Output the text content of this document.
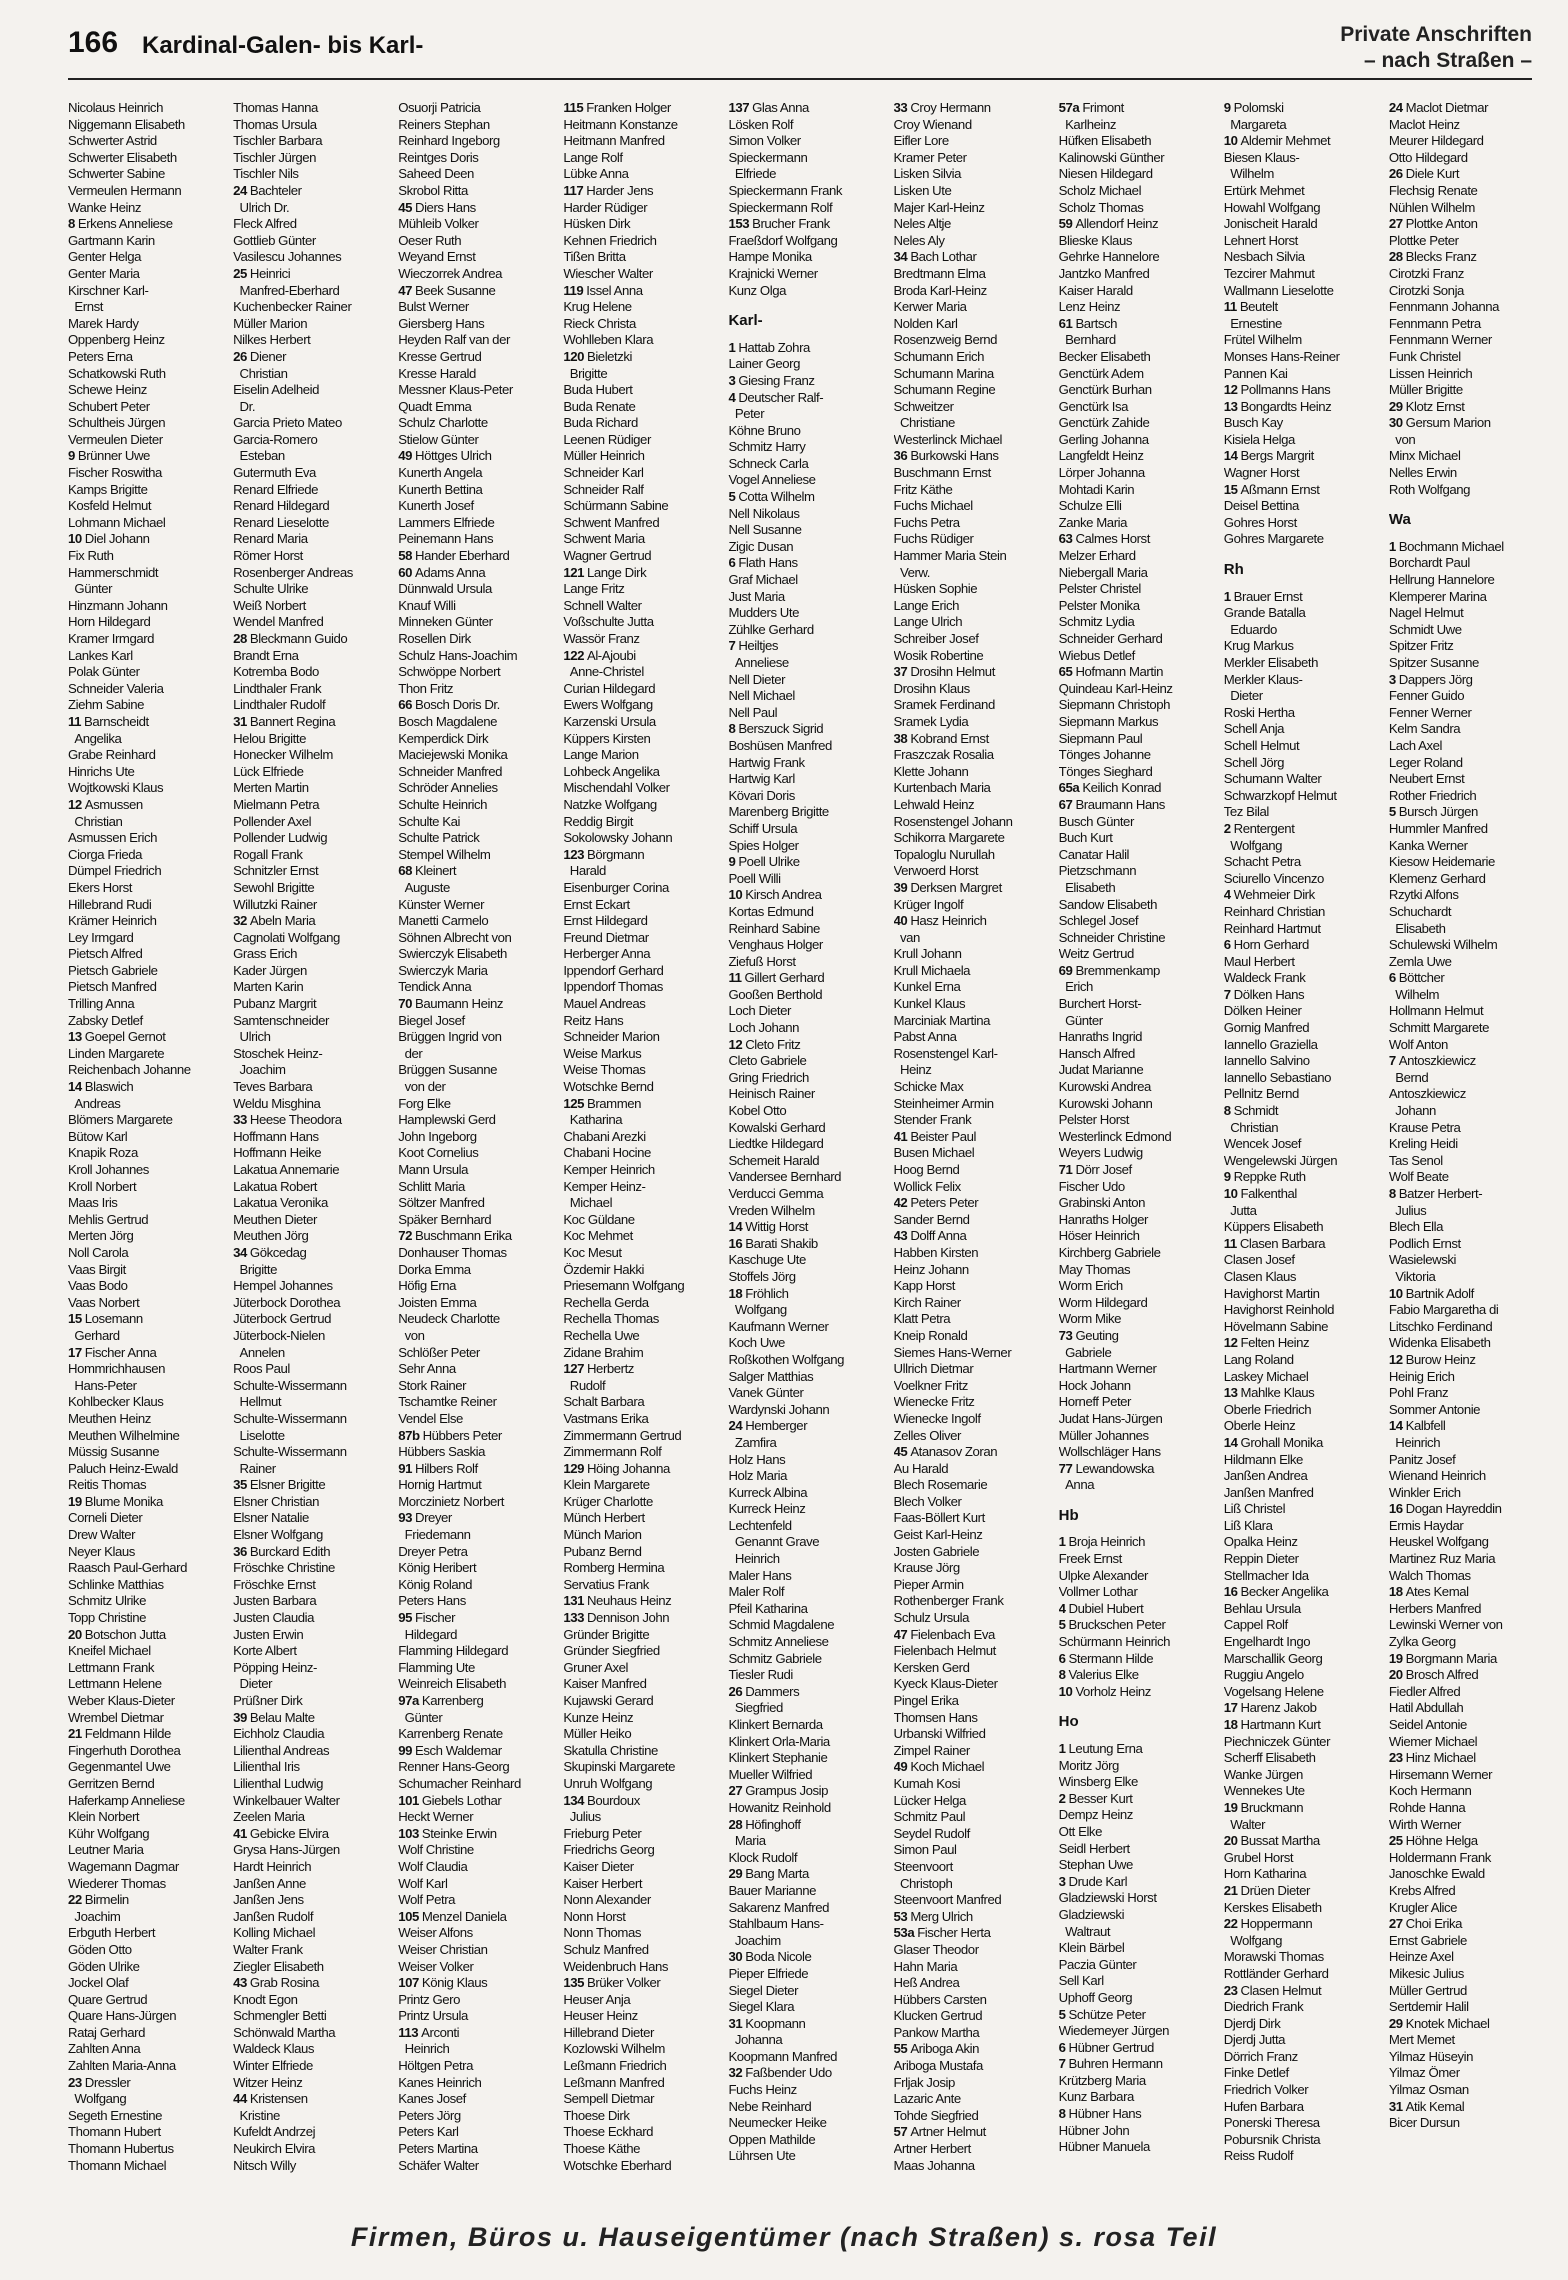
166 Kardinal-Galen- bis Karl-	Private Anschriften
– nach Straßen –
Nicolaus Heinrich
Niggemann Elisabeth
Schwerter Astrid
Schwerter Elisabeth
Schwerter Sabine
Vermeulen Hermann
Wanke Heinz
8 Erkens Anneliese
Gartmann Karin
Genter Helga
Genter Maria
Kirschner Karl-
Ernst
Marek Hardy
Oppenberg Heinz
Peters Erna
Schatkowski Ruth
Schewe Heinz
Schubert Peter
Schultheis Jürgen
Vermeulen Dieter
9 Brünner Uwe
Fischer Roswitha
Kamps Brigitte
Kosfeld Helmut
Lohmann Michael
10 Diel Johann
Fix Ruth
Hammerschmidt
Günter
Hinzmann Johann
Horn Hildegard
Kramer Irmgard
Lankes Karl
Polak Günter
Schneider Valeria
Ziehm Sabine
11 Barnscheidt
Angelika
Grabe Reinhard
Hinrichs Ute
Wojtkowski Klaus
12 Asmussen
Christian
Asmussen Erich
Ciorga Frieda
Dümpel Friedrich
Ekers Horst
Hillebrand Rudi
Krämer Heinrich
Ley Irmgard
Pietsch Alfred
Pietsch Gabriele
Pietsch Manfred
Trilling Anna
Zabsky Detlef
13 Goepel Gernot
Linden Margarete
Reichenbach Johanne
14 Blaswich
Andreas
Blömers Margarete
Bütow Karl
Knapik Roza
Kroll Johannes
Kroll Norbert
Maas Iris
Mehlis Gertrud
Merten Jörg
Noll Carola
Vaas Birgit
Vaas Bodo
Vaas Norbert
15 Losemann
Gerhard
17 Fischer Anna
Hommrichhausen
Hans-Peter
Kohlbecker Klaus
Meuthen Heinz
Meuthen Wilhelmine
Müssig Susanne
Paluch Heinz-Ewald
Reitis Thomas
19 Blume Monika
Corneli Dieter
Drew Walter
Neyer Klaus
Raasch Paul-Gerhard
Schlinke Matthias
Schmitz Ulrike
Topp Christine
20 Botschon Jutta
Kneifel Michael
Lettmann Frank
Lettmann Helene
Weber Klaus-Dieter
Wrembel Dietmar
21 Feldmann Hilde
Fingerhuth Dorothea
Gegenmantel Uwe
Gerritzen Bernd
Haferkamp Anneliese
Klein Norbert
Kühr Wolfgang
Leutner Maria
Wagemann Dagmar
Wiederer Thomas
22 Birmelin
Joachim
Erbguth Herbert
Göden Otto
Göden Ulrike
Jockel Olaf
Quare Gertrud
Quare Hans-Jürgen
Rataj Gerhard
Zahlten Anna
Zahlten Maria-Anna
23 Dressler
Wolfgang
Segeth Ernestine
Thomann Hubert
Thomann Hubertus
Thomann Michael
Thomas Hanna
Thomas Ursula
Tischler Barbara
Tischler Jürgen
Tischler Nils
24 Bachteler
Ulrich Dr.
Fleck Alfred
Gottlieb Günter
Vasilescu Johannes
25 Heinrici
Manfred-Eberhard
Kuchenbecker Rainer
Müller Marion
Nilkes Herbert
26 Diener
Christian
Eiselin Adelheid
Dr.
Garcia Prieto Mateo
Garcia-Romero
Esteban
Gutermuth Eva
Renard Elfriede
Renard Hildegard
Renard Lieselotte
Renard Maria
Römer Horst
Rosenberger Andreas
Schulte Ulrike
Weiß Norbert
Wendel Manfred
28 Bleckmann Guido
Brandt Erna
Kotremba Bodo
Lindthaler Frank
Lindthaler Rudolf
31 Bannert Regina
Helou Brigitte
Honecker Wilhelm
Lück Elfriede
Merten Martin
Mielmann Petra
Pollender Axel
Pollender Ludwig
Rogall Frank
Schnitzler Ernst
Sewohl Brigitte
Willutzki Rainer
32 Abeln Maria
Cagnolati Wolfgang
Grass Erich
Kader Jürgen
Marten Karin
Pubanz Margrit
Samtenschneider
Ulrich
Stoschek Heinz-
Joachim
Teves Barbara
Weldu Misghina
33 Heese Theodora
Hoffmann Hans
Hoffmann Heike
Lakatua Annemarie
Lakatua Robert
Lakatua Veronika
Meuthen Dieter
Meuthen Jörg
34 Gökcedag
Brigitte
Hempel Johannes
Jüterbock Dorothea
Jüterbock Gertrud
Jüterbock-Nielen
Annelen
Roos Paul
Schulte-Wissermann
Hellmut
Schulte-Wissermann
Liselotte
Schulte-Wissermann
Rainer
35 Elsner Brigitte
Elsner Christian
Elsner Natalie
Elsner Wolfgang
36 Burckard Edith
Fröschke Christine
Fröschke Ernst
Justen Barbara
Justen Claudia
Justen Erwin
Korte Albert
Pöpping Heinz-
Dieter
Prüßner Dirk
39 Belau Malte
Eichholz Claudia
Lilienthal Andreas
Lilienthal Iris
Lilienthal Ludwig
Winkelbauer Walter
Zeelen Maria
41 Gebicke Elvira
Grysa Hans-Jürgen
Hardt Heinrich
Janßen Anne
Janßen Jens
Janßen Rudolf
Kolling Michael
Walter Frank
Ziegler Elisabeth
43 Grab Rosina
Knodt Egon
Schmengler Betti
Schönwald Martha
Waldeck Klaus
Winter Elfriede
Witzer Heinz
44 Kristensen
Kristine
Kufeldt Andrzej
Neukirch Elvira
Nitsch Willy
Osuorji Patricia
Reiners Stephan
Reinhard Ingeborg
Reintges Doris
Saheed Deen
Skrobol Ritta
45 Diers Hans
Mühleib Volker
Oeser Ruth
Weyand Ernst
Wieczorrek Andrea
47 Beek Susanne
Bulst Werner
Giersberg Hans
Heyden Ralf van der
Kresse Gertrud
Kresse Harald
Messner Klaus-Peter
Quadt Emma
Schulz Charlotte
Stielow Günter
49 Höttges Ulrich
Kunerth Angela
Kunerth Bettina
Kunerth Josef
Lammers Elfriede
Peinemann Hans
58 Hander Eberhard
60 Adams Anna
Dünnwald Ursula
Knauf Willi
Minneken Günter
Rosellen Dirk
Schulz Hans-Joachim
Schwöppe Norbert
Thon Fritz
66 Bosch Doris Dr.
Bosch Magdalene
Kemperdick Dirk
Maciejewski Monika
Schneider Manfred
Schröder Annelies
Schulte Heinrich
Schulte Kai
Schulte Patrick
Stempel Wilhelm
68 Kleinert
Auguste
Künster Werner
Manetti Carmelo
Söhnen Albrecht von
Swierczyk Elisabeth
Swierczyk Maria
Tendick Anna
70 Baumann Heinz
Biegel Josef
Brüggen Ingrid von
der
Brüggen Susanne
von der
Forg Elke
Hamplewski Gerd
John Ingeborg
Koot Cornelius
Mann Ursula
Schlitt Maria
Söltzer Manfred
Späker Bernhard
72 Buschmann Erika
Donhauser Thomas
Dorka Emma
Höfig Erna
Joisten Emma
Neudeck Charlotte
von
Schlößer Peter
Sehr Anna
Stork Rainer
Tschamtke Reiner
Vendel Else
87b Hübbers Peter
Hübbers Saskia
91 Hilbers Rolf
Hornig Hartmut
Morczinietz Norbert
93 Dreyer
Friedemann
Dreyer Petra
König Heribert
König Roland
Peters Hans
95 Fischer
Hildegard
Flamming Hildegard
Flamming Ute
Weinreich Elisabeth
97a Karrenberg
Günter
Karrenberg Renate
99 Esch Waldemar
Renner Hans-Georg
Schumacher Reinhard
101 Giebels Lothar
Heckt Werner
103 Steinke Erwin
Wolf Christine
Wolf Claudia
Wolf Karl
Wolf Petra
105 Menzel Daniela
Weiser Alfons
Weiser Christian
Weiser Volker
107 König Klaus
Printz Gero
Printz Ursula
113 Arconti
Heinrich
Höltgen Petra
Kanes Heinrich
Kanes Josef
Peters Jörg
Peters Karl
Peters Martina
Schäfer Walter
115 Franken Holger
Heitmann Konstanze
Heitmann Manfred
Lange Rolf
Lübke Anna
117 Harder Jens
Harder Rüdiger
Hüsken Dirk
Kehnen Friedrich
Tißen Britta
Wiescher Walter
119 Issel Anna
Krug Helene
Rieck Christa
Wohlleben Klara
120 Bieletzki
Brigitte
Buda Hubert
Buda Renate
Buda Richard
Leenen Rüdiger
Müller Heinrich
Schneider Karl
Schneider Ralf
Schürmann Sabine
Schwent Manfred
Schwent Maria
Wagner Gertrud
121 Lange Dirk
Lange Fritz
Schnell Walter
Voßschulte Jutta
Wassör Franz
122 Al-Ajoubi
Anne-Christel
Curian Hildegard
Ewers Wolfgang
Karzenski Ursula
Küppers Kirsten
Lange Marion
Lohbeck Angelika
Mischendahl Volker
Natzke Wolfgang
Reddig Birgit
Sokolowsky Johann
123 Börgmann
Harald
Eisenburger Corina
Ernst Eckart
Ernst Hildegard
Freund Dietmar
Herberger Anna
Ippendorf Gerhard
Ippendorf Thomas
Mauel Andreas
Reitz Hans
Schneider Marion
Weise Markus
Weise Thomas
Wotschke Bernd
125 Brammen
Katharina
Chabani Arezki
Chabani Hocine
Kemper Heinrich
Kemper Heinz-
Michael
Koc Güldane
Koc Mehmet
Koc Mesut
Özdemir Hakki
Priesemann Wolfgang
Rechella Gerda
Rechella Thomas
Rechella Uwe
Zidane Brahim
127 Herbertz
Rudolf
Schalt Barbara
Vastmans Erika
Zimmermann Gertrud
Zimmermann Rolf
129 Höing Johanna
Klein Margarete
Krüger Charlotte
Münch Herbert
Münch Marion
Pubanz Bernd
Romberg Hermina
Servatius Frank
131 Neuhaus Heinz
133 Dennison John
Gründer Brigitte
Gründer Siegfried
Gruner Axel
Kaiser Manfred
Kujawski Gerard
Kunze Heinz
Müller Heiko
Skatulla Christine
Skupinski Margarete
Unruh Wolfgang
134 Bourdoux
Julius
Frieburg Peter
Friedrichs Georg
Kaiser Dieter
Kaiser Herbert
Nonn Alexander
Nonn Horst
Nonn Thomas
Schulz Manfred
Weidenbruch Hans
135 Brüker Volker
Heuser Anja
Heuser Heinz
Hillebrand Dieter
Kozlowski Wilhelm
Leßmann Friedrich
Leßmann Manfred
Sempell Dietmar
Thoese Dirk
Thoese Eckhard
Thoese Käthe
Wotschke Eberhard
137 Glas Anna
Lösken Rolf
Simon Volker
Spieckermann
Elfriede
Spieckermann Frank
Spieckermann Rolf
153 Brucher Frank
Fraeßdorf Wolfgang
Hampe Monika
Krajnicki Werner
Kunz Olga
Karl-
1 Hattab Zohra
Lainer Georg
3 Giesing Franz
4 Deutscher Ralf-
Peter
Köhne Bruno
Schmitz Harry
Schneck Carla
Vogel Anneliese
5 Cotta Wilhelm
Nell Nikolaus
Nell Susanne
Zigic Dusan
6 Flath Hans
Graf Michael
Just Maria
Mudders Ute
Zühlke Gerhard
7 Heiltjes
Anneliese
Nell Dieter
Nell Michael
Nell Paul
8 Berszuck Sigrid
Boshüsen Manfred
Hartwig Frank
Hartwig Karl
Kövari Doris
Marenberg Brigitte
Schiff Ursula
Spies Holger
9 Poell Ulrike
Poell Willi
10 Kirsch Andrea
Kortas Edmund
Reinhard Sabine
Venghaus Holger
Ziefuß Horst
11 Gillert Gerhard
Gooßen Berthold
Loch Dieter
Loch Johann
12 Cleto Fritz
Cleto Gabriele
Gring Friedrich
Heinisch Rainer
Kobel Otto
Kowalski Gerhard
Liedtke Hildegard
Schemeit Harald
Vandersee Bernhard
Verducci Gemma
Vreden Wilhelm
14 Wittig Horst
16 Barati Shakib
Kaschuge Ute
Stoffels Jörg
18 Fröhlich
Wolfgang
Kaufmann Werner
Koch Uwe
Roßkothen Wolfgang
Salger Matthias
Vanek Günter
Wardynski Johann
24 Hemberger
Zamfira
Holz Hans
Holz Maria
Kurreck Albina
Kurreck Heinz
Lechtenfeld
Genannt Grave
Heinrich
Maler Hans
Maler Rolf
Pfeil Katharina
Schmid Magdalene
Schmitz Anneliese
Schmitz Gabriele
Tiesler Rudi
26 Dammers
Siegfried
Klinkert Bernarda
Klinkert Orla-Maria
Klinkert Stephanie
Mueller Wilfried
27 Grampus Josip
Howanitz Reinhold
28 Höfinghoff
Maria
Klock Rudolf
29 Bang Marta
Bauer Marianne
Sakarenz Manfred
Stahlbaum Hans-
Joachim
30 Boda Nicole
Pieper Elfriede
Siegel Dieter
Siegel Klara
31 Koopmann
Johanna
Koopmann Manfred
32 Faßbender Udo
Fuchs Heinz
Nebe Reinhard
Neumecker Heike
Oppen Mathilde
Lührsen Ute
33 Croy Hermann
Croy Wienand
Eifler Lore
Kramer Peter
Lisken Silvia
Lisken Ute
Majer Karl-Heinz
Neles Altje
Neles Aly
34 Bach Lothar
Bredtmann Elma
Broda Karl-Heinz
Kerwer Maria
Nolden Karl
Rosenzweig Bernd
Schumann Erich
Schumann Marina
Schumann Regine
Schweitzer
Christiane
Westerlinck Michael
36 Burkowski Hans
Buschmann Ernst
Fritz Käthe
Fuchs Michael
Fuchs Petra
Fuchs Rüdiger
Hammer Maria Stein
Verw.
Hüsken Sophie
Lange Erich
Lange Ulrich
Schreiber Josef
Wosik Robertine
37 Drosihn Helmut
Drosihn Klaus
Sramek Ferdinand
Sramek Lydia
38 Kobrand Ernst
Fraszczak Rosalia
Klette Johann
Kurtenbach Maria
Lehwald Heinz
Rosenstengel Johann
Schikorra Margarete
Topaloglu Nurullah
Verwoerd Horst
39 Derksen Margret
Krüger Ingolf
40 Hasz Heinrich
van
Krull Johann
Krull Michaela
Kunkel Erna
Kunkel Klaus
Marciniak Martina
Pabst Anna
Rosenstengel Karl-
Heinz
Schicke Max
Steinheimer Armin
Stender Frank
41 Beister Paul
Busen Michael
Hoog Bernd
Wollick Felix
42 Peters Peter
Sander Bernd
43 Dolff Anna
Habben Kirsten
Heinz Johann
Kapp Horst
Kirch Rainer
Klatt Petra
Kneip Ronald
Siemes Hans-Werner
Ullrich Dietmar
Voelkner Fritz
Wienecke Fritz
Wienecke Ingolf
Zelles Oliver
45 Atanasov Zoran
Au Harald
Blech Rosemarie
Blech Volker
Faas-Böllert Kurt
Geist Karl-Heinz
Josten Gabriele
Krause Jörg
Pieper Armin
Rothenberger Frank
Schulz Ursula
47 Fielenbach Eva
Fielenbach Helmut
Kersken Gerd
Kyeck Klaus-Dieter
Pingel Erika
Thomsen Hans
Urbanski Wilfried
Zimpel Rainer
49 Koch Michael
Kumah Kosi
Lücker Helga
Schmitz Paul
Seydel Rudolf
Simon Paul
Steenvoort
Christoph
Steenvoort Manfred
53 Merg Ulrich
53a Fischer Herta
Glaser Theodor
Hahn Maria
Heß Andrea
Hübbers Carsten
Klucken Gertrud
Pankow Martha
55 Ariboga Akin
Ariboga Mustafa
Frljak Josip
Lazaric Ante
Tohde Siegfried
57 Artner Helmut
Artner Herbert
Maas Johanna
57a Frimont
Karlheinz
Hüfken Elisabeth
Kalinowski Günther
Niesen Hildegard
Scholz Michael
Scholz Thomas
59 Allendorf Heinz
Blieske Klaus
Gehrke Hannelore
Jantzko Manfred
Kaiser Harald
Lenz Heinz
61 Bartsch
Bernhard
Becker Elisabeth
Genctürk Adem
Genctürk Burhan
Genctürk Isa
Genctürk Zahide
Gerling Johanna
Langfeldt Heinz
Lörper Johanna
Mohtadi Karin
Schulze Elli
Zanke Maria
63 Calmes Horst
Melzer Erhard
Niebergall Maria
Pelster Christel
Pelster Monika
Schmitz Lydia
Schneider Gerhard
Wiebus Detlef
65 Hofmann Martin
Quindeau Karl-Heinz
Siepmann Christoph
Siepmann Markus
Siepmann Paul
Tönges Johanne
Tönges Sieghard
65a Keilich Konrad
67 Braumann Hans
Busch Günter
Buch Kurt
Canatar Halil
Pietzschmann
Elisabeth
Sandow Elisabeth
Schlegel Josef
Schneider Christine
Weitz Gertrud
69 Bremmenkamp
Erich
Burchert Horst-
Günter
Hanraths Ingrid
Hansch Alfred
Judat Marianne
Kurowski Andrea
Kurowski Johann
Pelster Horst
Westerlinck Edmond
Weyers Ludwig
71 Dörr Josef
Fischer Udo
Grabinski Anton
Hanraths Holger
Höser Heinrich
Kirchberg Gabriele
May Thomas
Worm Erich
Worm Hildegard
Worm Mike
73 Geuting
Gabriele
Hartmann Werner
Hock Johann
Horneff Peter
Judat Hans-Jürgen
Müller Johannes
Wollschläger Hans
77 Lewandowska
Anna
Hb
1 Broja Heinrich
Freek Ernst
Ulpke Alexander
Vollmer Lothar
4 Dubiel Hubert
5 Bruckschen Peter
Schürmann Heinrich
6 Stermann Hilde
8 Valerius Elke
10 Vorholz Heinz
Ho
1 Leutung Erna
Moritz Jörg
Winsberg Elke
2 Besser Kurt
Dempz Heinz
Ott Elke
Seidl Herbert
Stephan Uwe
3 Drude Karl
Gladziewski Horst
Gladziewski
Waltraut
Klein Bärbel
Paczia Günter
Sell Karl
Uphoff Georg
5 Schütze Peter
Wiedemeyer Jürgen
6 Hübner Gertrud
7 Buhren Hermann
Krützberg Maria
Kunz Barbara
8 Hübner Hans
Hübner John
Hübner Manuela
9 Polomski
Margareta
10 Aldemir Mehmet
Biesen Klaus-
Wilhelm
Ertürk Mehmet
Howahl Wolfgang
Jonischeit Harald
Lehnert Horst
Nesbach Silvia
Tezcirer Mahmut
Wallmann Lieselotte
11 Beutelt
Ernestine
Frütel Wilhelm
Monses Hans-Reiner
Pannen Kai
12 Pollmanns Hans
13 Bongardts Heinz
Busch Kay
Kisiela Helga
14 Bergs Margrit
Wagner Horst
15 Aßmann Ernst
Deisel Bettina
Gohres Horst
Gohres Margarete
Rh
1 Brauer Ernst
Grande Batalla
Eduardo
Krug Markus
Merkler Elisabeth
Merkler Klaus-
Dieter
Roski Hertha
Schell Anja
Schell Helmut
Schell Jörg
Schumann Walter
Schwarzkopf Helmut
Tez Bilal
2 Rentergent
Wolfgang
Schacht Petra
Sciurello Vincenzo
4 Wehmeier Dirk
Reinhard Christian
Reinhard Hartmut
6 Horn Gerhard
Maul Herbert
Waldeck Frank
7 Dölken Hans
Dölken Heiner
Gornig Manfred
Iannello Graziella
Iannello Salvino
Iannello Sebastiano
Pellnitz Bernd
8 Schmidt
Christian
Wencek Josef
Wengelewski Jürgen
9 Reppke Ruth
10 Falkenthal
Jutta
Küppers Elisabeth
11 Clasen Barbara
Clasen Josef
Clasen Klaus
Havighorst Martin
Havighorst Reinhold
Hövelmann Sabine
12 Felten Heinz
Lang Roland
Laskey Michael
13 Mahlke Klaus
Oberle Friedrich
Oberle Heinz
14 Grohall Monika
Hildmann Elke
Janßen Andrea
Janßen Manfred
Liß Christel
Liß Klara
Opalka Heinz
Reppin Dieter
Stellmacher Ida
16 Becker Angelika
Behlau Ursula
Cappel Rolf
Engelhardt Ingo
Marschallik Georg
Ruggiu Angelo
Vogelsang Helene
17 Harenz Jakob
18 Hartmann Kurt
Piechniczek Günter
Scherff Elisabeth
Wanke Jürgen
Wennekes Ute
19 Bruckmann
Walter
20 Bussat Martha
Grubel Horst
Horn Katharina
21 Drüen Dieter
Kerskes Elisabeth
22 Hoppermann
Wolfgang
Morawski Thomas
Rottländer Gerhard
23 Clasen Helmut
Diedrich Frank
Djerdj Dirk
Djerdj Jutta
Dörrich Franz
Finke Detlef
Friedrich Volker
Hufen Barbara
Ponerski Theresa
Pobursnik Christa
Reiss Rudolf
24 Maclot Dietmar
Maclot Heinz
Meurer Hildegard
Otto Hildegard
26 Diele Kurt
Flechsig Renate
Nühlen Wilhelm
27 Plottke Anton
Plottke Peter
28 Blecks Franz
Cirotzki Franz
Cirotzki Sonja
Fennmann Johanna
Fennmann Petra
Fennmann Werner
Funk Christel
Lissen Heinrich
Müller Brigitte
29 Klotz Ernst
30 Gersum Marion
von
Minx Michael
Nelles Erwin
Roth Wolfgang
Wa
1 Bochmann Michael
Borchardt Paul
Hellrung Hannelore
Klemperer Marina
Nagel Helmut
Schmidt Uwe
Spitzer Fritz
Spitzer Susanne
3 Dappers Jörg
Fenner Guido
Fenner Werner
Kelm Sandra
Lach Axel
Leger Roland
Neubert Ernst
Rother Friedrich
5 Bursch Jürgen
Hummler Manfred
Kanka Werner
Kiesow Heidemarie
Klemenz Gerhard
Rzytki Alfons
Schuchardt
Elisabeth
Schulewski Wilhelm
Zemla Uwe
6 Böttcher
Wilhelm
Hollmann Helmut
Schmitt Margarete
Wolf Anton
7 Antoszkiewicz
Bernd
Antoszkiewicz
Johann
Krause Petra
Kreling Heidi
Tas Senol
Wolf Beate
8 Batzer Herbert-
Julius
Blech Ella
Podlich Ernst
Wasielewski
Viktoria
10 Bartnik Adolf
Fabio Margaretha di
Litschko Ferdinand
Widenka Elisabeth
12 Burow Heinz
Heinig Erich
Pohl Franz
Sommer Antonie
14 Kalbfell
Heinrich
Panitz Josef
Wienand Heinrich
Winkler Erich
16 Dogan Hayreddin
Ermis Haydar
Heuskel Wolfgang
Martinez Ruz Maria
Walch Thomas
18 Ates Kemal
Herbers Manfred
Lewinski Werner von
Zylka Georg
19 Borgmann Maria
20 Brosch Alfred
Fiedler Alfred
Hatil Abdullah
Seidel Antonie
Wiemer Michael
23 Hinz Michael
Hirsemann Werner
Koch Hermann
Rohde Hanna
Wirth Werner
25 Höhne Helga
Holdermann Frank
Janoschke Ewald
Krebs Alfred
Krugler Alice
27 Choi Erika
Ernst Gabriele
Heinze Axel
Mikesic Julius
Müller Gertrud
Sertdemir Halil
29 Knotek Michael
Mert Memet
Yilmaz Hüseyin
Yilmaz Ömer
Yilmaz Osman
31 Atik Kemal
Bicer Dursun
Firmen, Büros u. Hauseigentümer (nach Straßen) s. rosa Teil
